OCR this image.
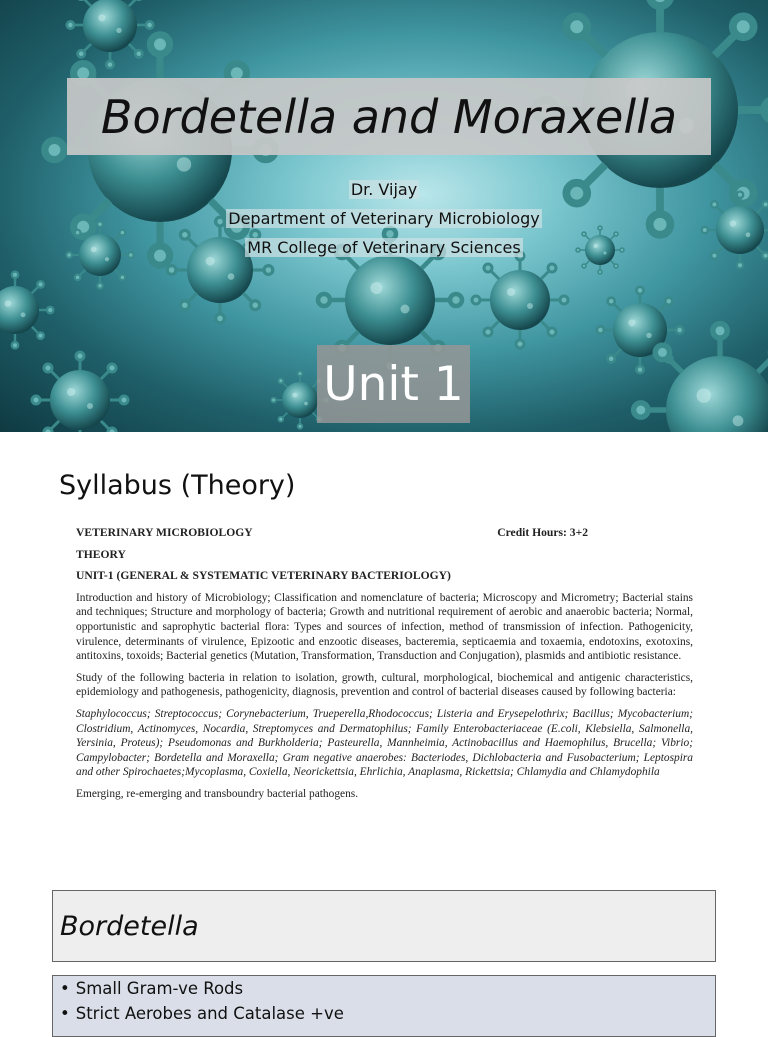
Bordetella and Moraxella
Dr. Vijay
Department of Veterinary Microbiology
MR College of Veterinary Sciences
Unit 1
Syllabus (Theory)
VETERINARY MICROBIOLOGY	Credit Hours: 3+2
THEORY
UNIT-1 (GENERAL & SYSTEMATIC VETERINARY BACTERIOLOGY)

Introduction and history of Microbiology; Classification and nomenclature of bacteria; Microscopy and Micrometry; Bacterial stains and techniques; Structure and morphology of bacteria; Growth and nutritional requirement of aerobic and anaerobic bacteria; Normal, opportunistic and saprophytic bacterial flora: Types and sources of infection, method of transmission of infection. Pathogenicity, virulence, determinants of virulence, Epizootic and enzootic diseases, bacteremia, septicaemia and toxaemia, endotoxins, exotoxins, antitoxins, toxoids; Bacterial genetics (Mutation, Transformation, Transduction and Conjugation), plasmids and antibiotic resistance.

Study of the following bacteria in relation to isolation, growth, cultural, morphological, biochemical and antigenic characteristics, epidemiology and pathogenesis, pathogenicity, diagnosis, prevention and control of bacterial diseases caused by following bacteria:

Staphylococcus; Streptococcus; Corynebacterium, Trueperella,Rhodococcus; Listeria and Erysepelothrix; Bacillus; Mycobacterium; Clostridium, Actinomyces, Nocardia, Streptomyces and Dermatophilus; Family Enterobacteriaceae (E.coli, Klebsiella, Salmonella, Yersinia, Proteus); Pseudomonas and Burkholderia; Pasteurella, Mannheimia, Actinobacillus and Haemophilus, Brucella; Vibrio; Campylobacter; Bordetella and Moraxella; Gram negative anaerobes: Bacteriodes, Dichlobacteria and Fusobacterium; Leptospira and other Spirochaetes;Mycoplasma, Coxiella, Neorickettsia, Ehrlichia, Anaplasma, Rickettsia; Chlamydia and Chlamydophila

Emerging, re-emerging and transboundry bacterial pathogens.

Bordetella
• Small Gram-ve Rods
• Strict Aerobes and Catalase +ve
